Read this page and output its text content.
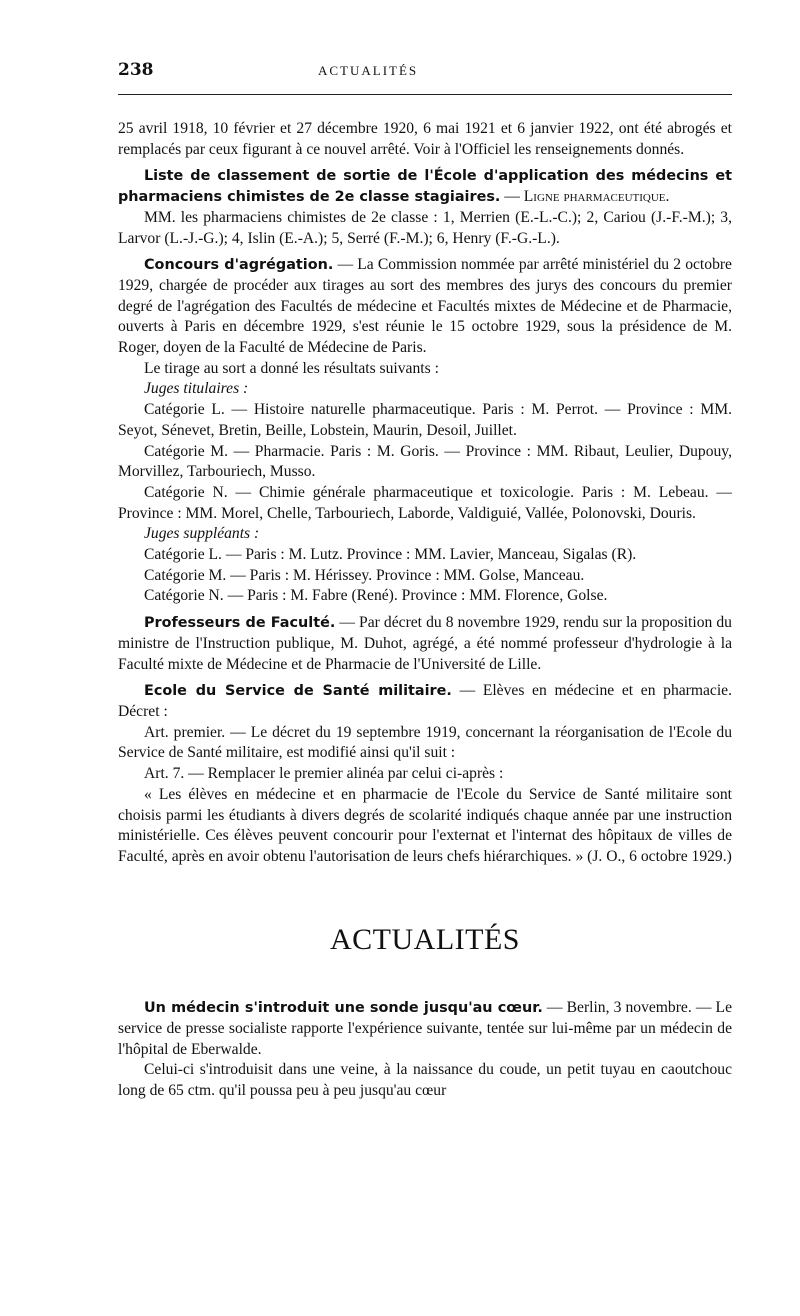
238	ACTUALITÉS

25 avril 1918, 10 février et 27 décembre 1920, 6 mai 1921 et 6 janvier 1922, ont été abrogés et remplacés par ceux figurant à ce nouvel arrêté. Voir à l'Officiel les renseignements donnés.

Liste de classement de sortie de l'École d'application des médecins et pharmaciens chimistes de 2e classe stagiaires. — Ligne pharmaceutique.

MM. les pharmaciens chimistes de 2e classe : 1, Merrien (E.-L.-C.); 2, Cariou (J.-F.-M.); 3, Larvor (L.-J.-G.); 4, Islin (E.-A.); 5, Serré (F.-M.); 6, Henry (F.-G.-L.).

Concours d'agrégation. — La Commission nommée par arrêté ministériel du 2 octobre 1929, chargée de procéder aux tirages au sort des membres des jurys des concours du premier degré de l'agrégation des Facultés de médecine et Facultés mixtes de Médecine et de Pharmacie, ouverts à Paris en décembre 1929, s'est réunie le 15 octobre 1929, sous la présidence de M. Roger, doyen de la Faculté de Médecine de Paris.

Le tirage au sort a donné les résultats suivants :

Juges titulaires :

Catégorie L. — Histoire naturelle pharmaceutique. Paris : M. Perrot. — Province : MM. Seyot, Sénevet, Bretin, Beille, Lobstein, Maurin, Desoil, Juillet.

Catégorie M. — Pharmacie. Paris : M. Goris. — Province : MM. Ribaut, Leulier, Dupouy, Morvillez, Tarbouriech, Musso.

Catégorie N. — Chimie générale pharmaceutique et toxicologie. Paris : M. Lebeau. — Province : MM. Morel, Chelle, Tarbouriech, Laborde, Valdiguié, Vallée, Polonovski, Douris.

Juges suppléants :

Catégorie L. — Paris : M. Lutz. Province : MM. Lavier, Manceau, Sigalas (R).

Catégorie M. — Paris : M. Hérissey. Province : MM. Golse, Manceau.

Catégorie N. — Paris : M. Fabre (René). Province : MM. Florence, Golse.

Professeurs de Faculté. — Par décret du 8 novembre 1929, rendu sur la proposition du ministre de l'Instruction publique, M. Duhot, agrégé, a été nommé professeur d'hydrologie à la Faculté mixte de Médecine et de Pharmacie de l'Université de Lille.

Ecole du Service de Santé militaire. — Elèves en médecine et en pharmacie. Décret :

Art. premier. — Le décret du 19 septembre 1919, concernant la réorganisation de l'Ecole du Service de Santé militaire, est modifié ainsi qu'il suit :

Art. 7. — Remplacer le premier alinéa par celui ci-après :

« Les élèves en médecine et en pharmacie de l'Ecole du Service de Santé militaire sont choisis parmi les étudiants à divers degrés de scolarité indiqués chaque année par une instruction ministérielle. Ces élèves peuvent concourir pour l'externat et l'internat des hôpitaux de villes de Faculté, après en avoir obtenu l'autorisation de leurs chefs hiérarchiques. » (J. O., 6 octobre 1929.)

ACTUALITÉS

Un médecin s'introduit une sonde jusqu'au cœur. — Berlin, 3 novembre. — Le service de presse socialiste rapporte l'expérience suivante, tentée sur lui-même par un médecin de l'hôpital de Eberwalde.

Celui-ci s'introduisit dans une veine, à la naissance du coude, un petit tuyau en caoutchouc long de 65 ctm. qu'il poussa peu à peu jusqu'au cœur
